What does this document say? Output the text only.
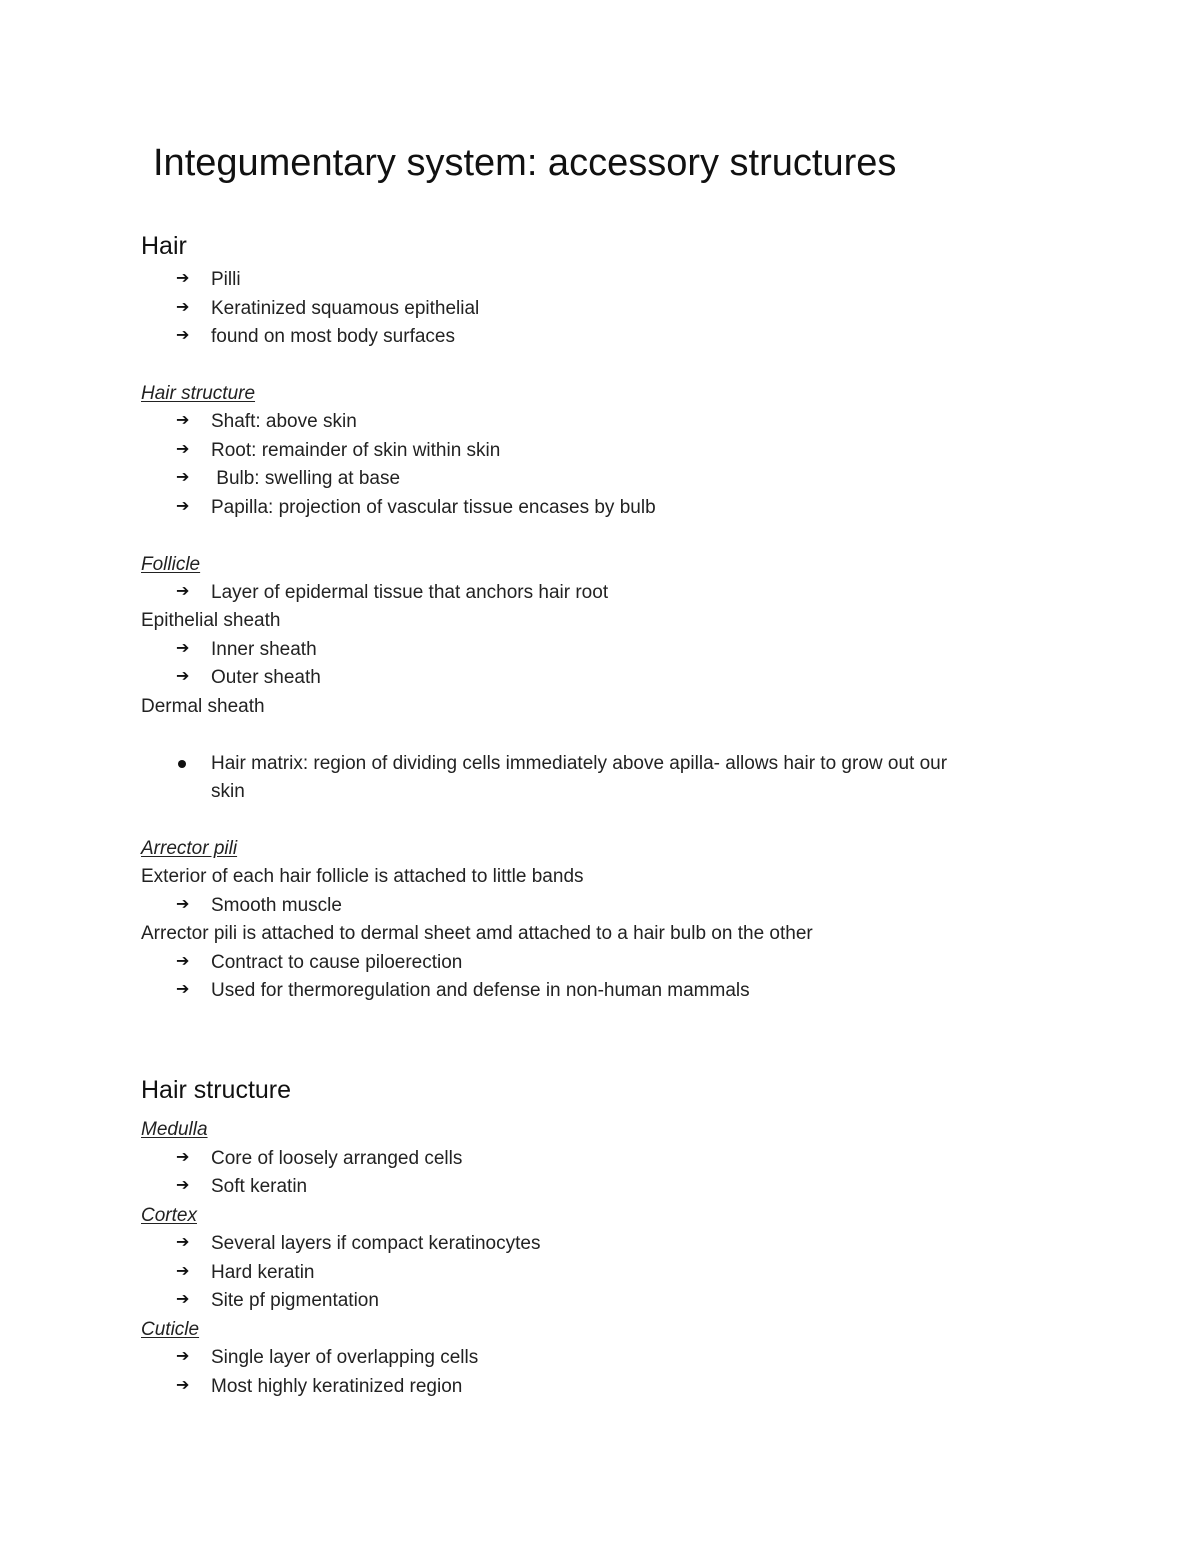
Integumentary system: accessory structures
Hair
➔ Pilli
➔ Keratinized squamous epithelial
➔ found on most body surfaces
Hair structure
➔ Shaft: above skin
➔ Root: remainder of skin within skin
➔ Bulb: swelling at base
➔ Papilla: projection of vascular tissue encases by bulb
Follicle
➔ Layer of epidermal tissue that anchors hair root
Epithelial sheath
➔ Inner sheath
➔ Outer sheath
Dermal sheath
Hair matrix: region of dividing cells immediately above apilla- allows hair to grow out our
skin
Arrector pili
Exterior of each hair follicle is attached to little bands
➔ Smooth muscle
Arrector pili is attached to dermal sheet amd attached to a hair bulb on the other
➔ Contract to cause piloerection
➔ Used for thermoregulation and defense in non-human mammals
Hair structure
Medulla
➔ Core of loosely arranged cells
➔ Soft keratin
Cortex
➔ Several layers if compact keratinocytes
➔ Hard keratin
➔ Site pf pigmentation
Cuticle
➔ Single layer of overlapping cells
➔ Most highly keratinized region
